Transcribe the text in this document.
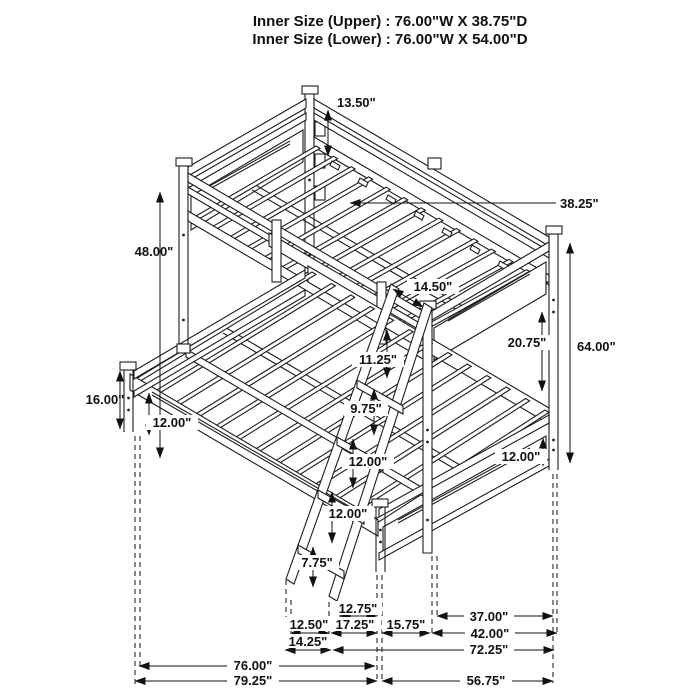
Inner Size (Upper) : 76.00"W X 38.75"D
Inner Size (Lower) : 76.00"W X 54.00"D
13.50"
38.25"
48.00"
14.50"
20.75" 64.00"
11.25"
9.75"
12.00"
12.00"
7.75"
16.00"
12.00"
12.00"
12.75"
37.00"
12.50" 17.25" 15.75"
42.00"
14.25"
72.25"
76.00"
79.25"	56.75"
